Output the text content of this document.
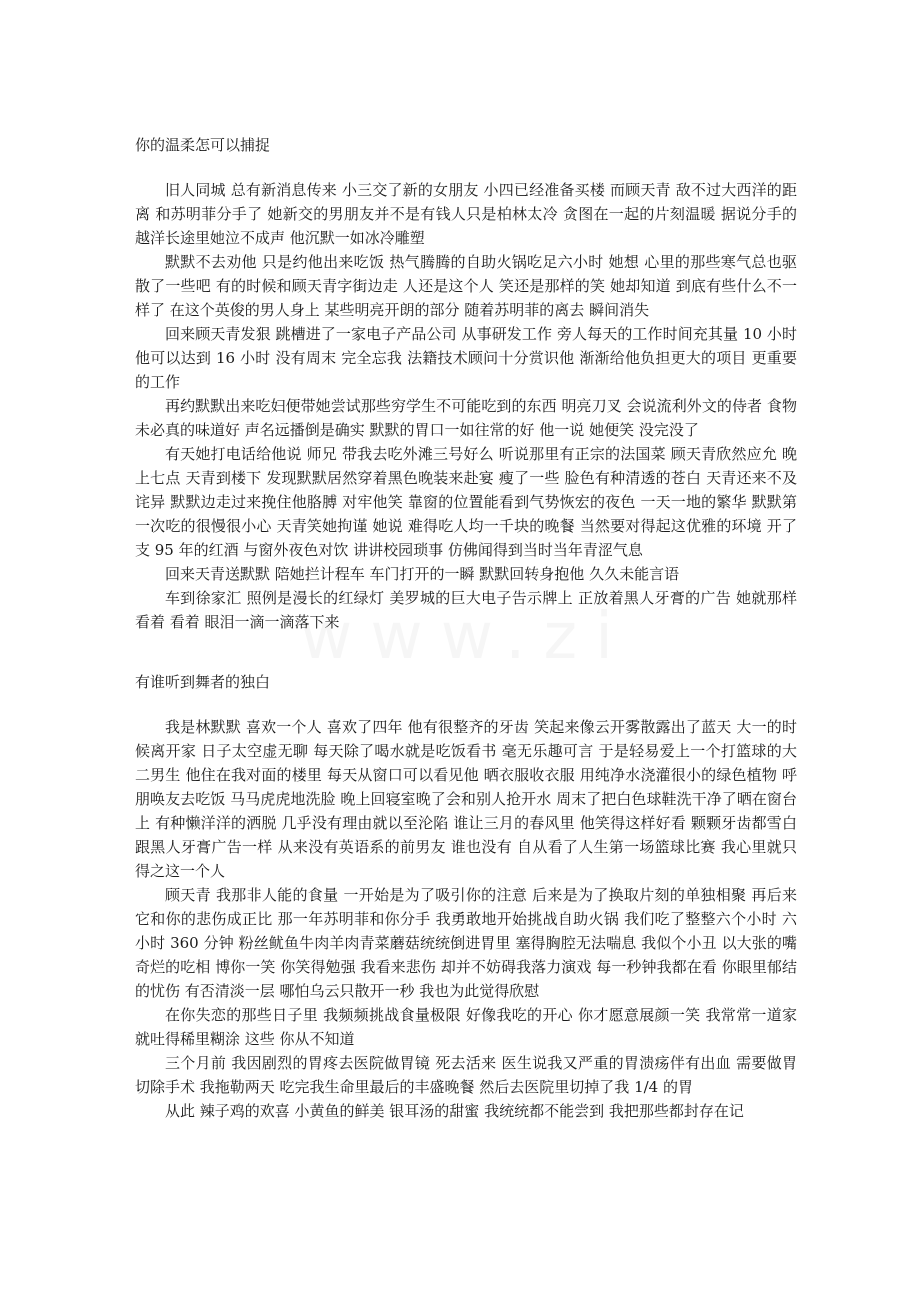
你的温柔怎可以捕捉

旧人同城 总有新消息传来 小三交了新的女朋友 小四已经准备买楼 而顾天青 敌不过大西洋的距离 和苏明菲分手了 她新交的男朋友并不是有钱人只是柏林太冷 贪图在一起的片刻温暖 据说分手的越洋长途里她泣不成声 他沉默一如冰冷雕塑

默默不去劝他 只是约他出来吃饭 热气腾腾的自助火锅吃足六小时 她想 心里的那些寒气总也驱散了一些吧 有的时候和顾天青字街边走 人还是这个人 笑还是那样的笑 她却知道 到底有些什么不一样了 在这个英俊的男人身上 某些明亮开朗的部分 随着苏明菲的离去 瞬间消失

回来顾天青发狠 跳槽进了一家电子产品公司 从事研发工作 旁人每天的工作时间充其量 10 小时 他可以达到 16 小时 没有周末 完全忘我 法籍技术顾问十分赏识他 渐渐给他负担更大的项目 更重要的工作

再约默默出来吃妇便带她尝试那些穷学生不可能吃到的东西 明亮刀叉 会说流利外文的侍者 食物未必真的味道好 声名远播倒是确实 默默的胃口一如往常的好 他一说 她便笑 没完没了

有天她打电话给他说 师兄 带我去吃外滩三号好么 听说那里有正宗的法国菜 顾天青欣然应允 晚上七点 天青到楼下 发现默默居然穿着黑色晚装来赴宴 瘦了一些 脸色有种清透的苍白 天青还来不及诧异 默默边走过来挽住他胳膊 对牢他笑 靠窗的位置能看到气势恢宏的夜色 一天一地的繁华 默默第一次吃的很慢很小心 天青笑她拘谨 她说 难得吃人均一千块的晚餐 当然要对得起这优雅的环境 开了支 95 年的红酒 与窗外夜色对饮 讲讲校园琐事 仿佛闻得到当时当年青涩气息

回来天青送默默 陪她拦计程车 车门打开的一瞬 默默回转身抱他 久久未能言语

车到徐家汇 照例是漫长的红绿灯 美罗城的巨大电子告示牌上 正放着黑人牙膏的广告 她就那样看着 看着 眼泪一滴一滴落下来

有谁听到舞者的独白

我是林默默 喜欢一个人 喜欢了四年 他有很整齐的牙齿 笑起来像云开雾散露出了蓝天 大一的时候离开家 日子太空虚无聊 每天除了喝水就是吃饭看书 毫无乐趣可言 于是轻易爱上一个打篮球的大二男生 他住在我对面的楼里 每天从窗口可以看见他 晒衣服收衣服 用纯净水浇灌很小的绿色植物 呼朋唤友去吃饭 马马虎虎地洗脸 晚上回寝室晚了会和别人抢开水 周末了把白色球鞋洗干净了晒在窗台上 有种懒洋洋的洒脱 几乎没有理由就以至沦陷 谁让三月的春风里 他笑得这样好看 颗颗牙齿都雪白 跟黑人牙膏广告一样 从来没有英语系的前男友 谁也没有 自从看了人生第一场篮球比赛 我心里就只得之这一个人

顾天青 我那非人能的食量 一开始是为了吸引你的注意 后来是为了换取片刻的单独相聚 再后来 它和你的悲伤成正比 那一年苏明菲和你分手 我勇敢地开始挑战自助火锅 我们吃了整整六个小时 六小时 360 分钟 粉丝鱿鱼牛肉羊肉青菜蘑菇统统倒进胃里 塞得胸腔无法喘息 我似个小丑 以大张的嘴 奇烂的吃相 博你一笑 你笑得勉强 我看来悲伤 却并不妨碍我落力演戏 每一秒钟我都在看 你眼里郁结的忧伤 有否清淡一层 哪怕乌云只散开一秒 我也为此觉得欣慰

在你失恋的那些日子里 我频频挑战食量极限 好像我吃的开心 你才愿意展颜一笑 我常常一道家就吐得稀里糊涂 这些 你从不知道

三个月前 我因剧烈的胃疼去医院做胃镜 死去活来 医生说我又严重的胃溃疡伴有出血 需要做胃切除手术 我拖勒两天 吃完我生命里最后的丰盛晚餐 然后去医院里切掉了我 1/4 的胃

从此 辣子鸡的欢喜 小黄鱼的鲜美 银耳汤的甜蜜 我统统都不能尝到 我把那些都封存在记
